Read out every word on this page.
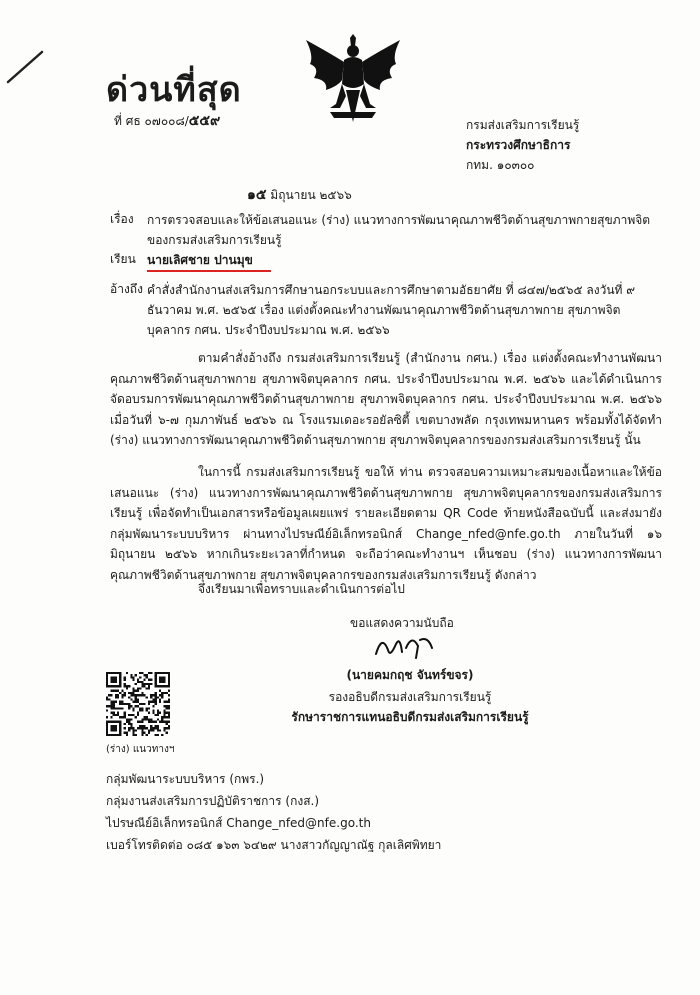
ด่วนที่สุด
ที่ ศธ ๐๗๐๐๘/๕๕๙	กรมส่งเสริมการเรียนรู้
กระทรวงศึกษาธิการ
กทม. ๑๐๓๐๐
๑๕ มิถุนายน ๒๕๖๖
เรื่อง การตรวจสอบและให้ข้อเสนอแนะ (ร่าง) แนวทางการพัฒนาคุณภาพชีวิตด้านสุขภาพกายสุขภาพจิตของกรมส่งเสริมการเรียนรู้
เรียน นายเลิศชาย ปานมุข
อ้างถึง คำสั่งสำนักงานส่งเสริมการศึกษานอกระบบและการศึกษาตามอัธยาศัย ที่ ๘๔๗/๒๕๖๕ ลงวันที่ ๙ ธันวาคม พ.ศ. ๒๕๖๕ เรื่อง แต่งตั้งคณะทำงานพัฒนาคุณภาพชีวิตด้านสุขภาพกาย สุขภาพจิตบุคลากร กศน. ประจำปีงบประมาณ พ.ศ. ๒๕๖๖
ตามคำสั่งอ้างถึง กรมส่งเสริมการเรียนรู้ (สำนักงาน กศน.) เรื่อง แต่งตั้งคณะทำงานพัฒนาคุณภาพชีวิตด้านสุขภาพกาย สุขภาพจิตบุคลากร กศน. ประจำปีงบประมาณ พ.ศ. ๒๕๖๖ และได้ดำเนินการจัดอบรมการพัฒนาคุณภาพชีวิตด้านสุขภาพกาย สุขภาพจิตบุคลากร กศน. ประจำปีงบประมาณ พ.ศ. ๒๕๖๖ เมื่อวันที่ ๖-๗ กุมภาพันธ์ ๒๕๖๖ ณ โรงแรมเดอะรอยัลซิตี้ เขตบางพลัด กรุงเทพมหานคร พร้อมทั้งได้จัดทำ (ร่าง) แนวทางการพัฒนาคุณภาพชีวิตด้านสุขภาพกาย สุขภาพจิตบุคลากรของกรมส่งเสริมการเรียนรู้ นั้น
ในการนี้ กรมส่งเสริมการเรียนรู้ ขอให้ ท่าน ตรวจสอบความเหมาะสมของเนื้อหาและให้ข้อเสนอแนะ (ร่าง) แนวทางการพัฒนาคุณภาพชีวิตด้านสุขภาพกาย สุขภาพจิตบุคลากรของกรมส่งเสริมการเรียนรู้ เพื่อจัดทำเป็นเอกสารหรือข้อมูลเผยแพร่ รายละเอียดตาม QR Code ท้ายหนังสือฉบับนี้ และส่งมายังกลุ่มพัฒนาระบบบริหาร ผ่านทางไปรษณีย์อิเล็กทรอนิกส์ Change_nfed@nfe.go.th ภายในวันที่ ๑๖ มิถุนายน ๒๕๖๖ หากเกินระยะเวลาที่กำหนด จะถือว่าคณะทำงานฯ เห็นชอบ (ร่าง) แนวทางการพัฒนาคุณภาพชีวิตด้านสุขภาพกาย สุขภาพจิตบุคลากรของกรมส่งเสริมการเรียนรู้ ดังกล่าว
จึงเรียนมาเพื่อทราบและดำเนินการต่อไป
ขอแสดงความนับถือ
(นายคมกฤช จันทร์ขจร)
รองอธิบดีกรมส่งเสริมการเรียนรู้
รักษาราชการแทนอธิบดีกรมส่งเสริมการเรียนรู้
(ร่าง) แนวทางฯ
กลุ่มพัฒนาระบบบริหาร (กพร.)
กลุ่มงานส่งเสริมการปฏิบัติราชการ (กงส.)
ไปรษณีย์อิเล็กทรอนิกส์ Change_nfed@nfe.go.th
เบอร์โทรติดต่อ ๐๘๕ ๑๖๓ ๖๔๒๙ นางสาวกัญญาณัฐ กุลเลิศพิทยา
